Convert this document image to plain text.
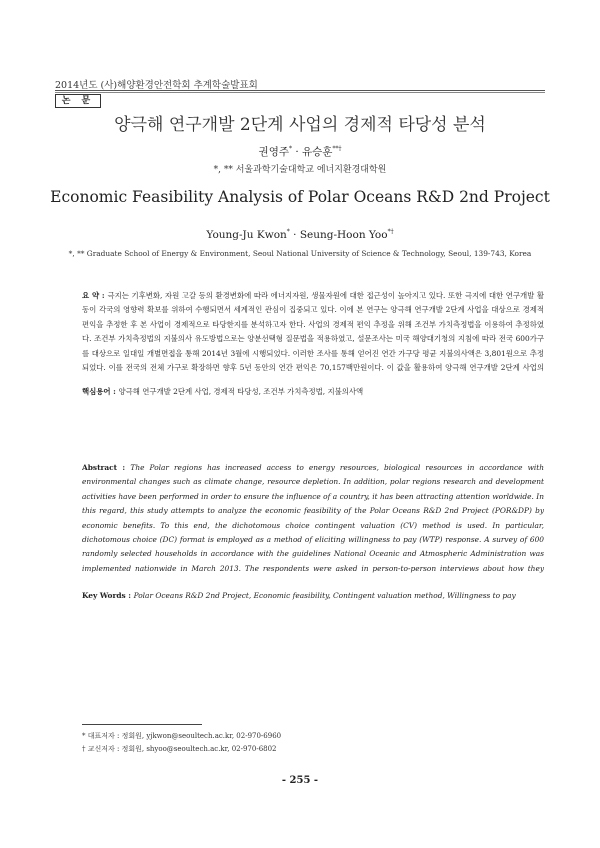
2014년도 (사)해양환경안전학회 추계학술발표회
논 문
양극해 연구개발 2단계 사업의 경제적 타당성 분석
권영주* · 유승훈**†
*, ** 서울과학기술대학교 에너지환경대학원
Economic Feasibility Analysis of Polar Oceans R&D 2nd Project
Young-Ju Kwon* · Seung-Hoon Yoo*†
*, ** Graduate School of Energy & Environment, Seoul National University of Science & Technology, Seoul, 139-743, Korea
요 약 : 극지는 기후변화, 자원 고갈 등의 환경변화에 따라 에너지자원, 생물자원에 대한 접근성이 높아지고 있다. 또한 극지에 대한 연구개발 활동이 각국의 영향력 확보를 위하여 수행되면서 세계적인 관심이 집중되고 있다. 이에 본 연구는 양극해 연구개발 2단계 사업을 대상으로 경제적 편익을 추정한 후 본 사업이 경제적으로 타당한지를 분석하고자 한다. 사업의 경제적 편익 추정을 위해 조건부 가치측정법을 이용하여 추정하였다. 조건부 가치측정법의 지불의사 유도방법으로는 양분선택형 질문법을 적용하였고, 설문조사는 미국 해양대기청의 지침에 따라 전국 600가구를 대상으로 일대일 개별면접을 통해 2014년 3월에 시행되었다. 이러한 조사를 통해 얻어진 연간 가구당 평균 지불의사액은 3,801원으로 추정되었다. 이를 전국의 전체 가구로 확장하면 향후 5년 동안의 연간 편익은 70,157백만원이다. 이 값을 활용하여 양극해 연구개발 2단계 사업의
핵심용어 : 양극해 연구개발 2단계 사업, 경제적 타당성, 조건부 가치측정법, 지불의사액
Abstract : The Polar regions has increased access to energy resources, biological resources in accordance with environmental changes such as climate change, resource depletion. In addition, polar regions research and development activities have been performed in order to ensure the influence of a country, it has been attracting attention worldwide. In this regard, this study attempts to analyze the economic feasibility of the Polar Oceans R&D 2nd Project (POR&DP) by economic benefits. To this end, the dichotomous choice contingent valuation (CV) method is used. In particular, dichotomous choice (DC) format is employed as a method of eliciting willingness to pay (WTP) response. A survey of 600 randomly selected households in accordance with the guidelines National Oceanic and Atmospheric Administration was implemented nationwide in March 2013. The respondents were asked in person-to-person interviews about how they
Key Words : Polar Oceans R&D 2nd Project, Economic feasibility, Contingent valuation method, Willingness to pay
* 대표저자 : 정회원, yjkwon@seoultech.ac.kr, 02-970-6960
† 교신저자 : 정회원, shyoo@seoultech.ac.kr, 02-970-6802
- 255 -
